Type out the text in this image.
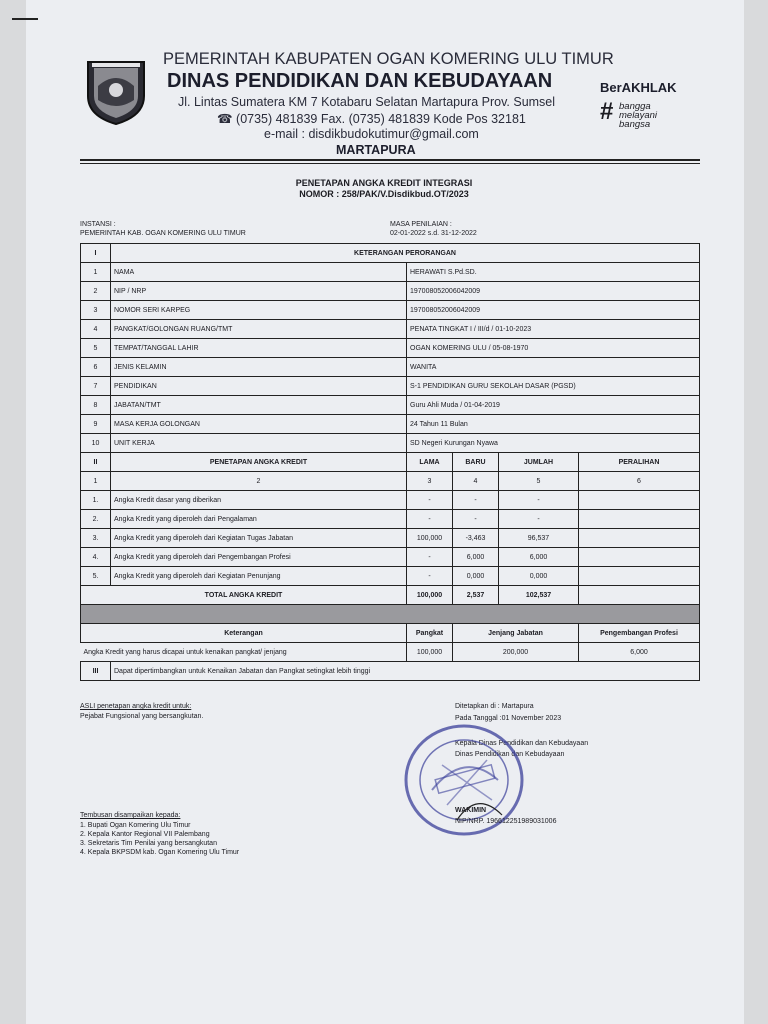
PEMERINTAH KABUPATEN OGAN KOMERING ULU TIMUR
DINAS PENDIDIKAN DAN KEBUDAYAAN
Jl. Lintas Sumatera KM 7 Kotabaru Selatan Martapura Prov. Sumsel
☎ (0735) 481839 Fax. (0735) 481839 Kode Pos 32181
e-mail : disdikbudokutimur@gmail.com
MARTAPURA
BerAKHLAK
# bangga
melayani
bangsa
PENETAPAN ANGKA KREDIT INTEGRASI
NOMOR : 258/PAK/V.Disdikbud.OT/2023
INSTANSI :
PEMERINTAH KAB. OGAN KOMERING ULU TIMUR
MASA PENILAIAN :
02-01-2022 s.d. 31-12-2022
I	KETERANGAN PERORANGAN				
1	NAMA	HERAWATI S.Pd.SD.			
2	NIP / NRP	197008052006042009			
3	NOMOR SERI KARPEG	197008052006042009			
4	PANGKAT/GOLONGAN RUANG/TMT	PENATA TINGKAT I / III/d / 01-10-2023			
5	TEMPAT/TANGGAL LAHIR	OGAN KOMERING ULU / 05-08-1970			
6	JENIS KELAMIN	WANITA			
7	PENDIDIKAN	S-1 PENDIDIKAN GURU SEKOLAH DASAR (PGSD)			
8	JABATAN/TMT	Guru Ahli Muda / 01-04-2019			
9	MASA KERJA GOLONGAN	24 Tahun 11 Bulan			
10	UNIT KERJA	SD Negeri Kurungan Nyawa			
II	PENETAPAN ANGKA KREDIT	LAMA	BARU	JUMLAH	PERALIHAN
1	2	3	4	5	6
1.	Angka Kredit dasar yang diberikan	-	-	-	
2.	Angka Kredit yang diperoleh dari Pengalaman	-	-	-	
3.	Angka Kredit yang diperoleh dari Kegiatan Tugas Jabatan	100,000	-3,463	96,537	
4.	Angka Kredit yang diperoleh dari Pengembangan Profesi	-	6,000	6,000	
5.	Angka Kredit yang diperoleh dari Kegiatan Penunjang	-	0,000	0,000	
TOTAL ANGKA KREDIT		100,000	2,537	102,537	

Keterangan		Pangkat	Jenjang Jabatan		Pengembangan Profesi
Angka Kredit yang harus dicapai untuk kenaikan pangkat/ jenjang		100,000	200,000		6,000
III	Dapat dipertimbangkan untuk Kenaikan Jabatan dan Pangkat setingkat lebih tinggi				
ASLI penetapan angka kredit untuk:
Pejabat Fungsional yang bersangkutan.
Ditetapkan di : Martapura
Pada Tanggal :01 November 2023
Kepala Dinas Pendidikan dan Kebudayaan
Dinas Pendidikan dan Kebudayaan
WAKIMIN
NIP/NRP. 196612251989031006
Tembusan disampaikan kepada:
1. Bupati Ogan Komering Ulu Timur
2. Kepala Kantor Regional VII Palembang
3. Sekretaris Tim Penilai yang bersangkutan
4. Kepala BKPSDM kab. Ogan Komering Ulu Timur
